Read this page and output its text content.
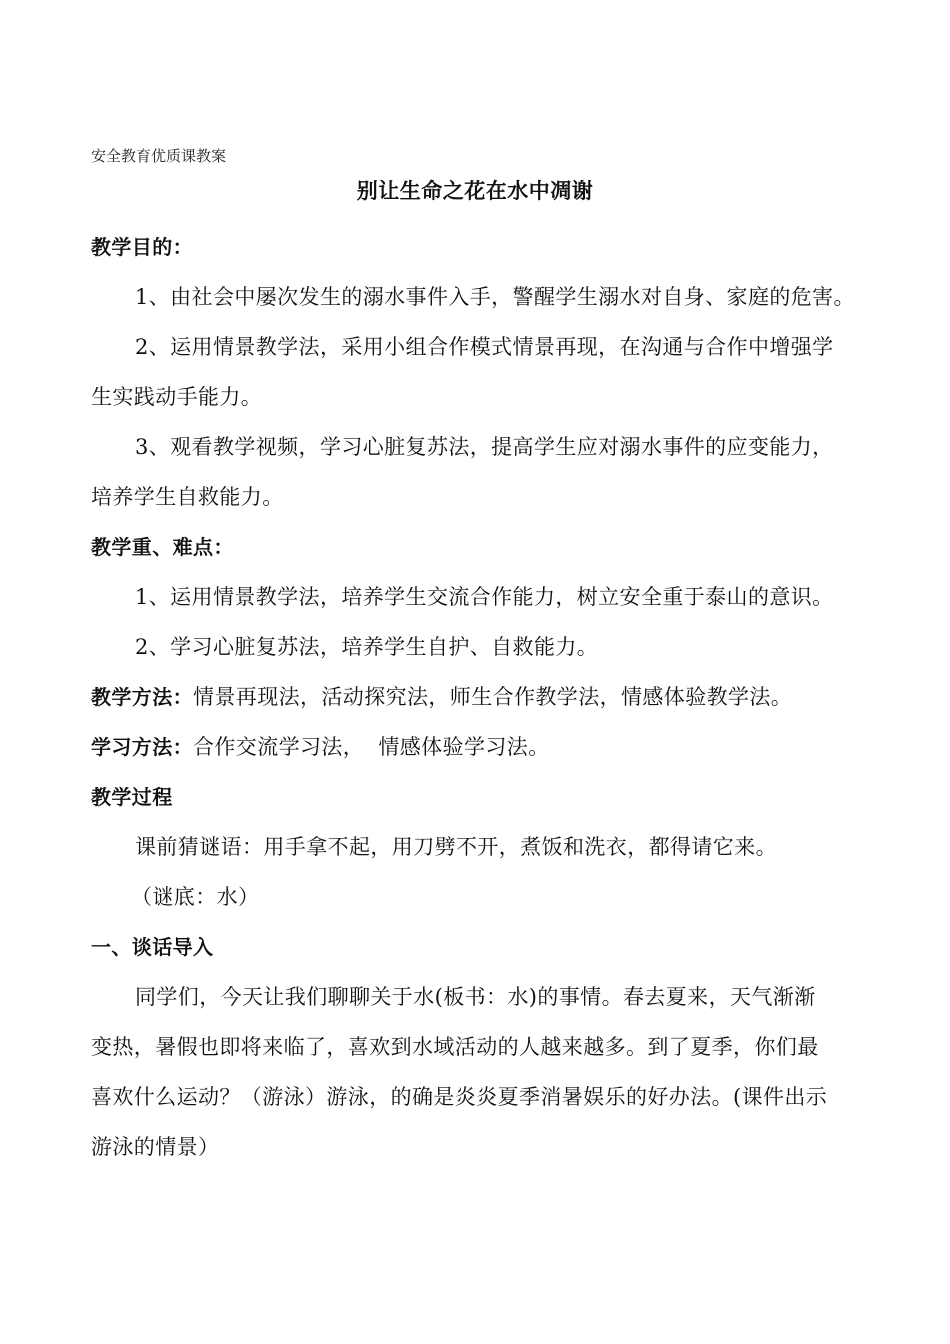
安全教育优质课教案
别让生命之花在水中凋谢
教学目的：
1、由社会中屡次发生的溺水事件入手，警醒学生溺水对自身、家庭的危害。
2、运用情景教学法，采用小组合作模式情景再现，在沟通与合作中增强学
生实践动手能力。
3、观看教学视频，学习心脏复苏法，提高学生应对溺水事件的应变能力，
培养学生自救能力。
教学重、难点：
1、运用情景教学法，培养学生交流合作能力，树立安全重于泰山的意识。
2、学习心脏复苏法，培养学生自护、自救能力。
教学方法：情景再现法，活动探究法，师生合作教学法，情感体验教学法。
学习方法：合作交流学习法，  情感体验学习法。
教学过程
课前猜谜语：用手拿不起，用刀劈不开，煮饭和洗衣，都得请它来。
（谜底：水）
一、谈话导入
同学们，今天让我们聊聊关于水(板书：水)的事情。春去夏来，天气渐渐
变热，暑假也即将来临了，喜欢到水域活动的人越来越多。到了夏季，你们最
喜欢什么运动？（游泳）游泳，的确是炎炎夏季消暑娱乐的好办法。(课件出示
游泳的情景）
